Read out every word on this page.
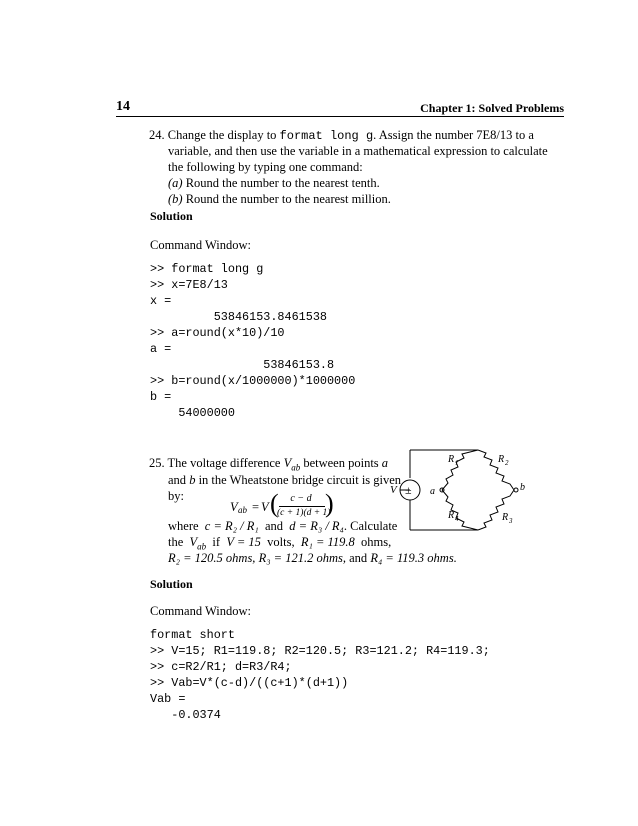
14	Chapter 1: Solved Problems
24. Change the display to format long g. Assign the number 7E8/13 to a
variable, and then use the variable in a mathematical expression to calculate
the following by typing one command:
(a) Round the number to the nearest tenth.
(b) Round the number to the nearest million.
Solution
Command Window:
>> format long g
>> x=7E8/13
x =
53846153.8461538
>> a=round(x*10)/10
a =
53846153.8
>> b=round(x/1000000)*1000000
b =
54000000
25. The voltage difference $V_{ab}$ between points a
and b in the Wheatstone bridge circuit is given
by:
V ab = V (	c − d
(c + 1)(d + 1)
)
where c = R₂ / R₁ and d = R₃ / R₄. Calculate
the $V_{ab}$ if V = 15 volts, R₁ = 119.8 ohms,
R₂ = 120.5 ohms, R₃ = 121.2 ohms, and R₄ = 119.3 ohms.
±
V	a	b
R 1	R 2
R 3
R 4
Solution
Command Window:
format short
>> V=15; R1=119.8; R2=120.5; R3=121.2; R4=119.3;
>> c=R2/R1; d=R3/R4;
>> Vab=V*(c-d)/((c+1)*(d+1))
Vab =
-0.0374
